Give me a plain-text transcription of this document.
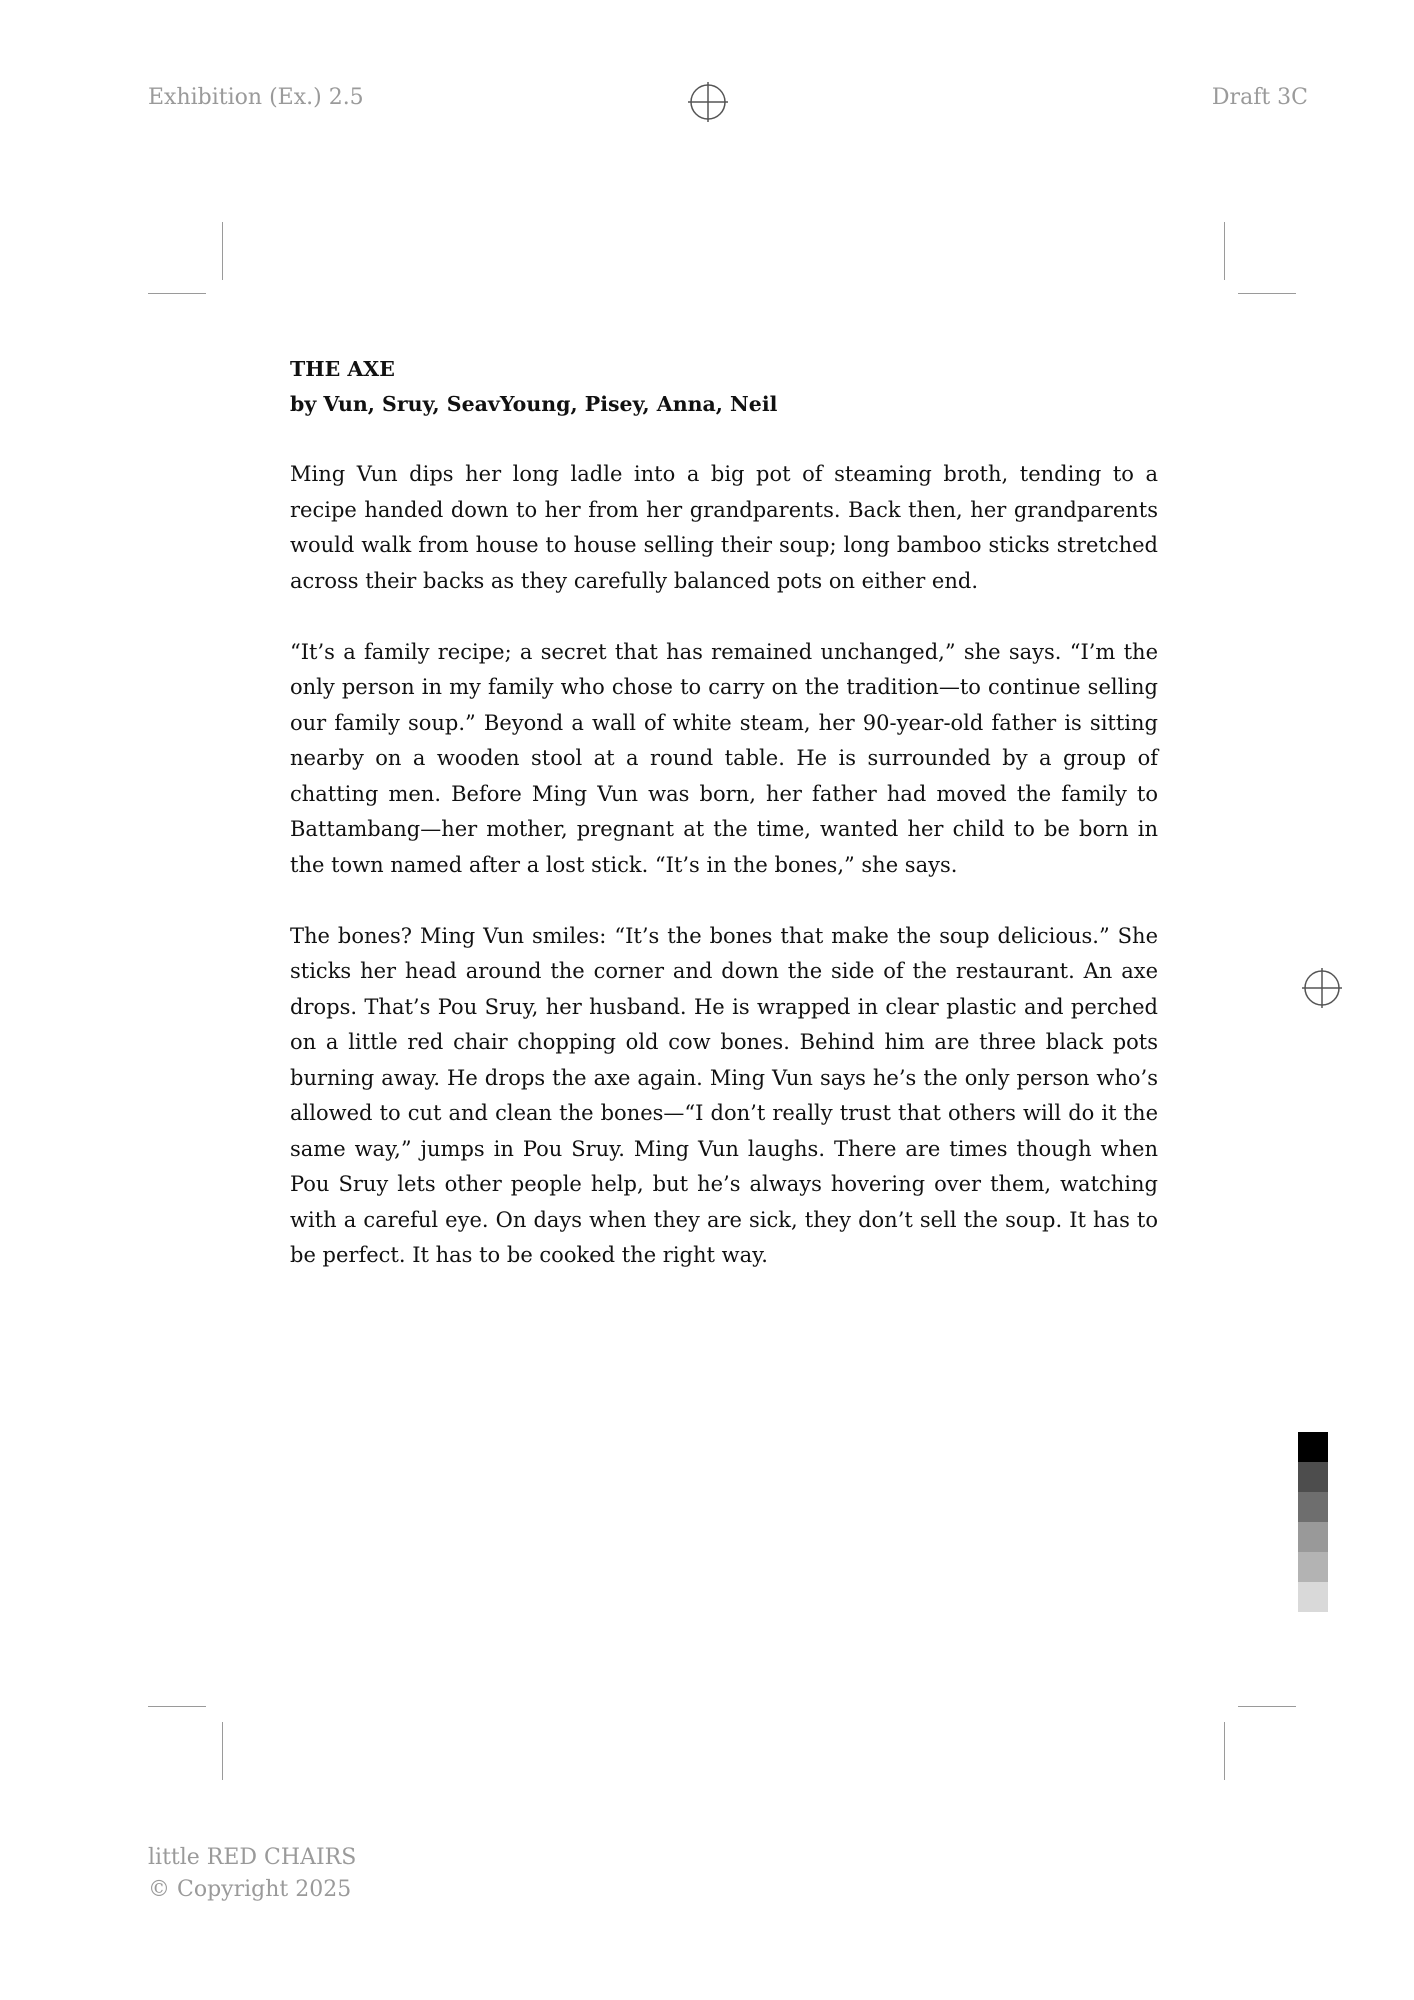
Exhibition (Ex.) 2.5	Draft 3C

THE AXE

by Vun, Sruy, SeavYoung, Pisey, Anna, Neil

Ming Vun dips her long ladle into a big pot of steaming broth, tending to a recipe handed down to her from her grandparents. Back then, her grandparents would walk from house to house selling their soup; long bamboo sticks stretched across their backs as they carefully balanced pots on either end.

“It’s a family recipe; a secret that has remained unchanged,” she says. “I’m the only person in my family who chose to carry on the tradition—to continue selling our family soup.” Beyond a wall of white steam, her 90-year-old father is sitting nearby on a wooden stool at a round table. He is surrounded by a group of chatting men. Before Ming Vun was born, her father had moved the family to Battambang—her mother, pregnant at the time, wanted her child to be born in the town named after a lost stick. “It’s in the bones,” she says.

The bones? Ming Vun smiles: “It’s the bones that make the soup delicious.” She sticks her head around the corner and down the side of the restaurant. An axe drops. That’s Pou Sruy, her husband. He is wrapped in clear plastic and perched on a little red chair chopping old cow bones. Behind him are three black pots burning away. He drops the axe again. Ming Vun says he’s the only person who’s allowed to cut and clean the bones—“I don’t really trust that others will do it the same way,” jumps in Pou Sruy. Ming Vun laughs. There are times though when Pou Sruy lets other people help, but he’s always hovering over them, watching with a careful eye. On days when they are sick, they don’t sell the soup. It has to be perfect. It has to be cooked the right way.

little RED CHAIRS
© Copyright 2025
